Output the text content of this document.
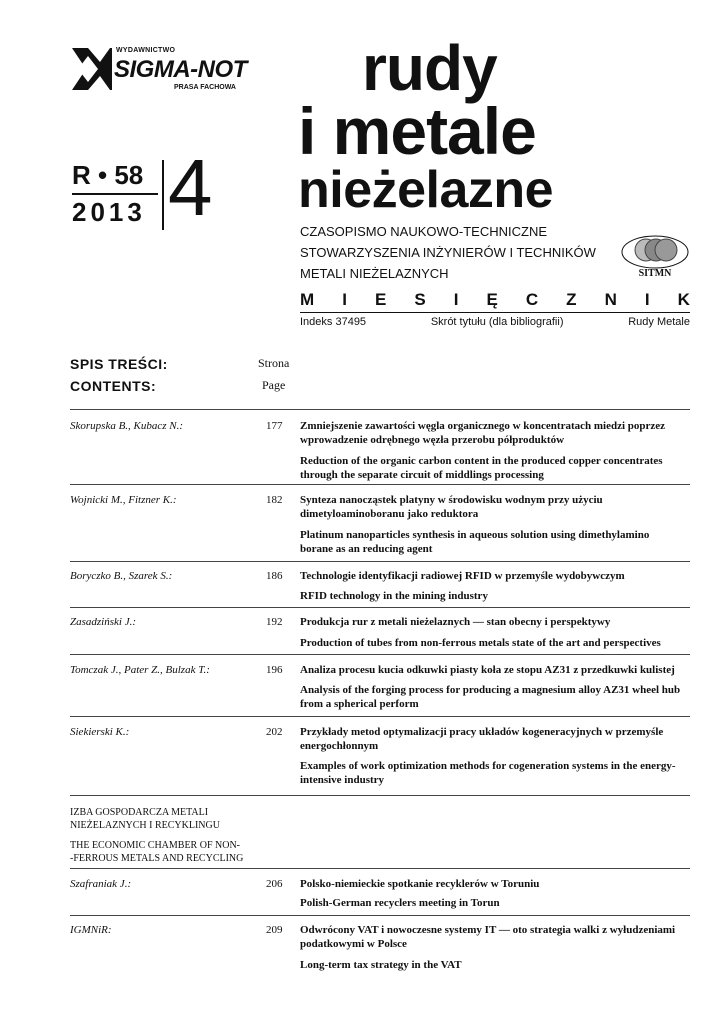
WYDAWNICTWO
SIGMA-NOT
PRASA FACHOWA rudy
i metale
nieżelazne
R • 58
2013 4	CZASOPISMO NAUKOWO-TECHNICZNE
STOWARZYSZENIA INŻYNIERÓW I TECHNIKÓW
METALI NIEŻELAZNYCH	SITMN
M I E S I Ę C Z N I K
Indeks 37495	Skrót tytułu (dla bibliografii)	Rudy Metale
SPIS TREŚCI:
CONTENTS:
Strona
Page
Skorupska B., Kubacz N.:	177 Zmniejszenie zawartości węgla organicznego w koncentratach miedzi poprzez
wprowadzenie odrębnego węzła przerobu półproduktów
Reduction of the organic carbon content in the produced copper concentrates
through the separate circuit of middlings processing
Wojnicki M., Fitzner K.:	182 Synteza nanocząstek platyny w środowisku wodnym przy użyciu
dimetyloaminoboranu jako reduktora
Platinum nanoparticles synthesis in aqueous solution using dimethylamino
borane as an reducing agent
Boryczko B., Szarek S.:	186 Technologie identyfikacji radiowej RFID w przemyśle wydobywczym
RFID technology in the mining industry
Zasadziński J.:	192 Produkcja rur z metali nieżelaznych — stan obecny i perspektywy
Production of tubes from non-ferrous metals state of the art and perspectives
Tomczak J., Pater Z., Bulzak T.:	196 Analiza procesu kucia odkuwki piasty koła ze stopu AZ31 z przedkuwki kulistej
Analysis of the forging process for producing a magnesium alloy AZ31 wheel hub
from a spherical perform
Siekierski K.:	202 Przykłady metod optymalizacji pracy układów kogeneracyjnych w przemyśle
energochłonnym
Examples of work optimization methods for cogeneration systems in the energy-
intensive industry
IZBA GOSPODARCZA METALI
NIEŻELAZNYCH I RECYKLINGU
THE ECONOMIC CHAMBER OF NON-
-FERROUS METALS AND RECYCLING
Szafraniak J.:	206 Polsko-niemieckie spotkanie recyklerów w Toruniu
Polish-German recyclers meeting in Torun
IGMNiR:	209 Odwrócony VAT i nowoczesne systemy IT — oto strategia walki z wyłudzeniami
podatkowymi w Polsce
Long-term tax strategy in the VAT
